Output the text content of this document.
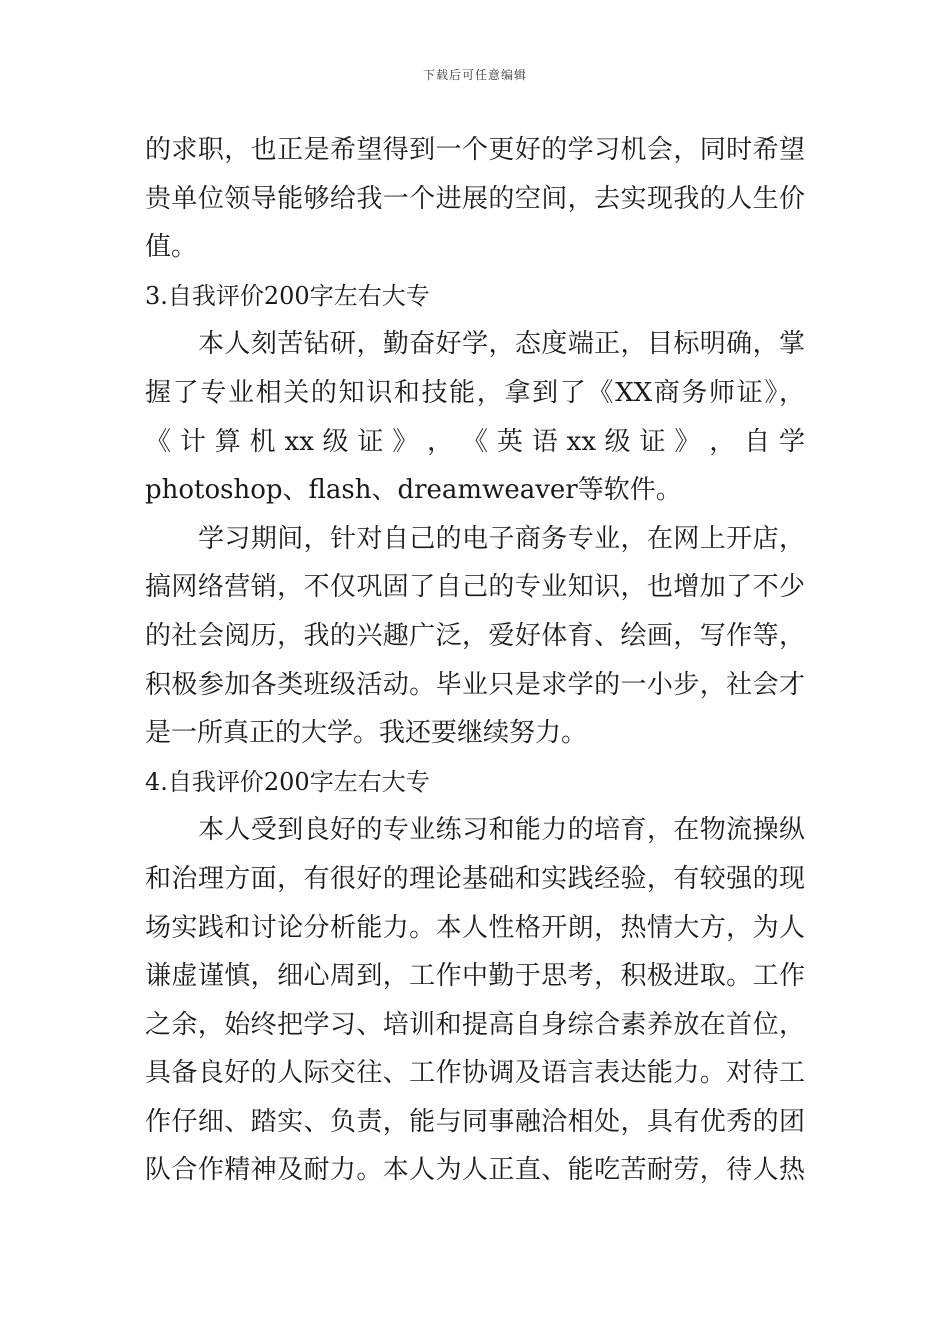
下载后可任意编辑
的求职，也正是希望得到一个更好的学习机会，同时希望
贵单位领导能够给我一个进展的空间，去实现我的人生价
值。
3.自我评价200字左右大专
本人刻苦钻研，勤奋好学，态度端正，目标明确，掌
握了专业相关的知识和技能，拿到了《XX商务师证》，
《 计 算 机 xx 级 证 》 ， 《 英 语 xx 级 证 》 ， 自 学
photoshop、flash、dreamweaver等软件。
学习期间，针对自己的电子商务专业，在网上开店，
搞网络营销，不仅巩固了自己的专业知识，也增加了不少
的社会阅历，我的兴趣广泛，爱好体育、绘画，写作等，
积极参加各类班级活动。毕业只是求学的一小步，社会才
是一所真正的大学。我还要继续努力。
4.自我评价200字左右大专
本人受到良好的专业练习和能力的培育，在物流操纵
和治理方面，有很好的理论基础和实践经验，有较强的现
场实践和讨论分析能力。本人性格开朗，热情大方，为人
谦虚谨慎，细心周到，工作中勤于思考，积极进取。工作
之余，始终把学习、培训和提高自身综合素养放在首位，
具备良好的人际交往、工作协调及语言表达能力。对待工
作仔细、踏实、负责，能与同事融洽相处，具有优秀的团
队合作精神及耐力。本人为人正直、能吃苦耐劳，待人热
